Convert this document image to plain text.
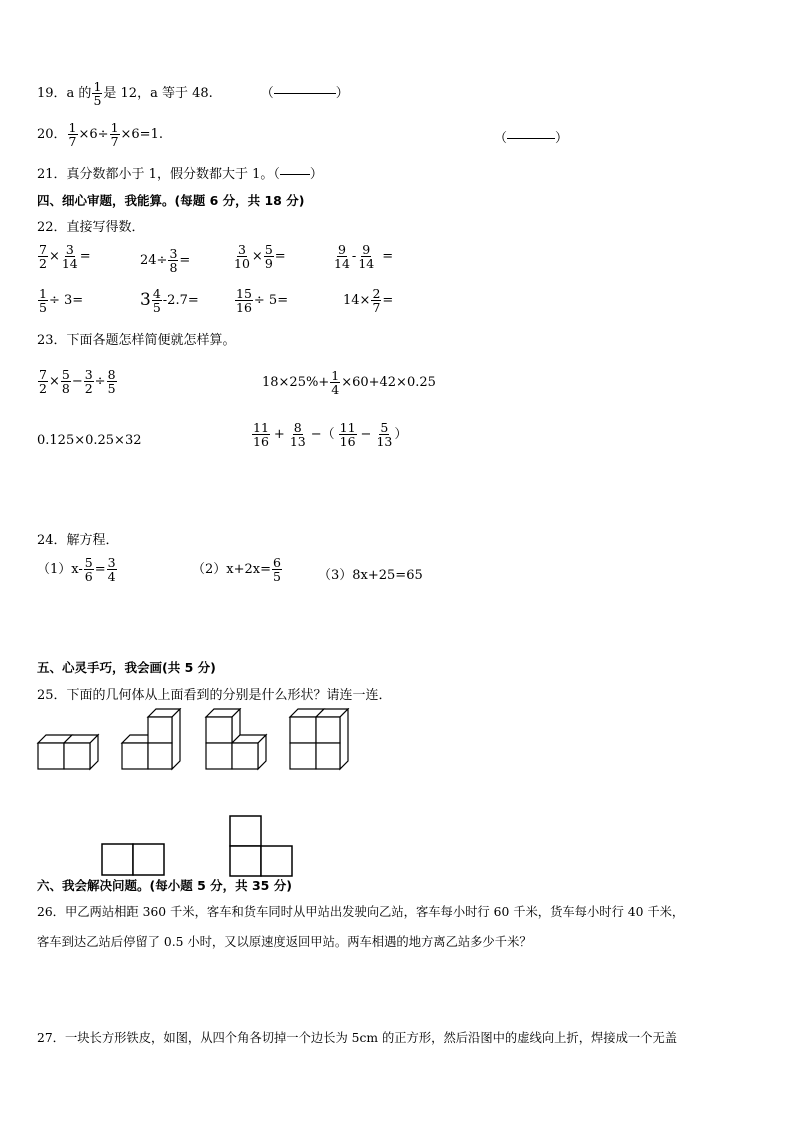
19． a 的 $\frac{1}{5}$ 是 12，a 等于 48.	（	）
20． $\frac{1}{7} \times 6\div \frac{1}{7} \times 6=1$.	（	）
21． 真分数都小于 1，假分数都大于 1。（ ）
四、细心审题，我能算。(每题 6 分，共 18 分)
22．直接写得数．
$\frac{7}{2} \times \frac{3}{14}$ =	$24\div \frac{3}{8}$ =	$\frac{3}{10} \times \frac{5}{9}$ =	$\frac{9}{14} - \frac{9}{14}$ =
$\frac{1}{5} \div 3=$	$3 \frac{4}{5} -2.7=$	$\frac{15}{16} \div 5=$	$14\times \frac{2}{7}$ =
23．下面各题怎样简便就怎样算。
$\frac{7}{2} \times \frac{5}{8} - \frac{3}{2} \div \frac{8}{5}$	$18\times 25\%+ \frac{1}{4} \times 60+42\times 0.25$
0.125×0.25×32	$\frac{11}{16} + \frac{8}{13}$ −（ $\frac{11}{16} - \frac{5}{13}$ ）
24．解方程．
$(1)x- \frac{5}{6} = \frac{3}{4}$	$(2)x+2x= \frac{6}{5}$	（3）8x+25=65
五、心灵手巧，我会画(共 5 分)
25．下面的几何体从上面看到的分别是什么形状？请连一连．
六、我会解决问题。(每小题 5 分，共 35 分)
26．甲乙两站相距 360 千米，客车和货车同时从甲站出发驶向乙站，客车每小时行 60 千米，货车每小时行 40 千米，
客车到达乙站后停留了 0.5 小时，又以原速度返回甲站。两车相遇的地方离乙站多少千米？
27．一块长方形铁皮，如图，从四个角各切掉一个边长为 5cm 的正方形，然后沿图中的虚线向上折，焊接成一个无盖
